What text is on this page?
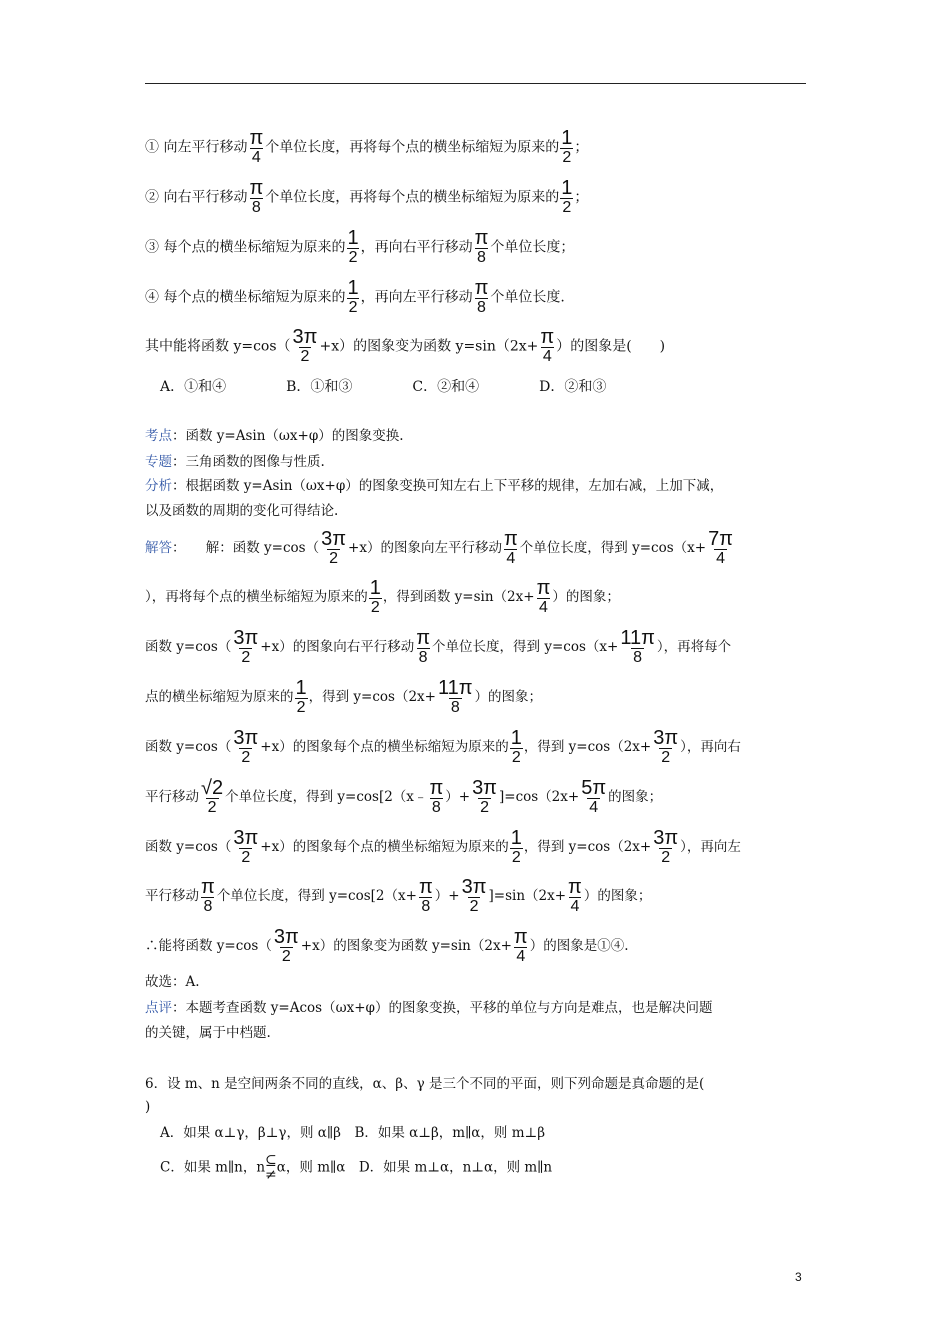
① 向左平行移动 π
4
个单位长度，再将每个点的横坐标缩短为原来的 1
2
；
② 向右平行移动 π
8
个单位长度，再将每个点的横坐标缩短为原来的 1
2
；
③ 每个点的横坐标缩短为原来的 1
2
，再向右平行移动 π
8
个单位长度；
④ 每个点的横坐标缩短为原来的 1
2
，再向左平行移动 π
8
个单位长度.
其中能将函数 y=cos（ 3π
2
+x）的图象变为函数 y=sin（2x+ π
4
）的图象是(　　)
A．①和④	B．①和③	C．②和④	D．②和③
考点：函数 y=Asin（ωx+φ）的图象变换.
专题：三角函数的图像与性质.
分析：根据函数 y=Asin（ωx+φ）的图象变换可知左右上下平移的规律，左加右减，上加下减，
以及函数的周期的变化可得结论.
解答：　　解：函数 y=cos（ 3π
2
+x）的图象向左平行移动 π
4
个单位长度，得到 y=cos（x+ 7π
4
），再将每个点的横坐标缩短为原来的 1
2
，得到函数 y=sin（2x+ π
4
）的图象；
函数 y=cos（ 3π
2
+x）的图象向右平行移动 π
8
个单位长度，得到 y=cos（x+ 11π
8
），再将每个
点的横坐标缩短为原来的 1
2
，得到 y=cos（2x+ 11π
8
）的图象；
函数 y=cos（ 3π
2
+x）的图象每个点的横坐标缩短为原来的 1
2
，得到 y=cos（2x+ 3π
2
），再向右
平行移动 √2
2
个单位长度，得到 y=cos[2（x﹣ π
8
）+ 3π
2
]=cos（2x+ 5π
4
的图象；
函数 y=cos（ 3π
2
+x）的图象每个点的横坐标缩短为原来的 1
2
，得到 y=cos（2x+ 3π
2
），再向左
平行移动 π
8
个单位长度，得到 y=cos[2（x+ π
8
）+ 3π
2
]=sin（2x+ π
4
）的图象；
∴能将函数 y=cos（ 3π
2
+x）的图象变为函数 y=sin（2x+ π
4
）的图象是①④.
故选：A.
点评：本题考查函数 y=Acos（ωx+φ）的图象变换，平移的单位与方向是难点，也是解决问题
的关键，属于中档题.
6．设 m、n 是空间两条不同的直线，α、β、γ 是三个不同的平面，则下列命题是真命题的是(
)
A．如果 α⊥γ，β⊥γ，则 α∥β　B．如果 α⊥β，m∥α，则 m⊥β
C．如果 m∥n，n ⊆
≠ α，则 m∥α　D．如果 m⊥α，n⊥α，则 m∥n
3
